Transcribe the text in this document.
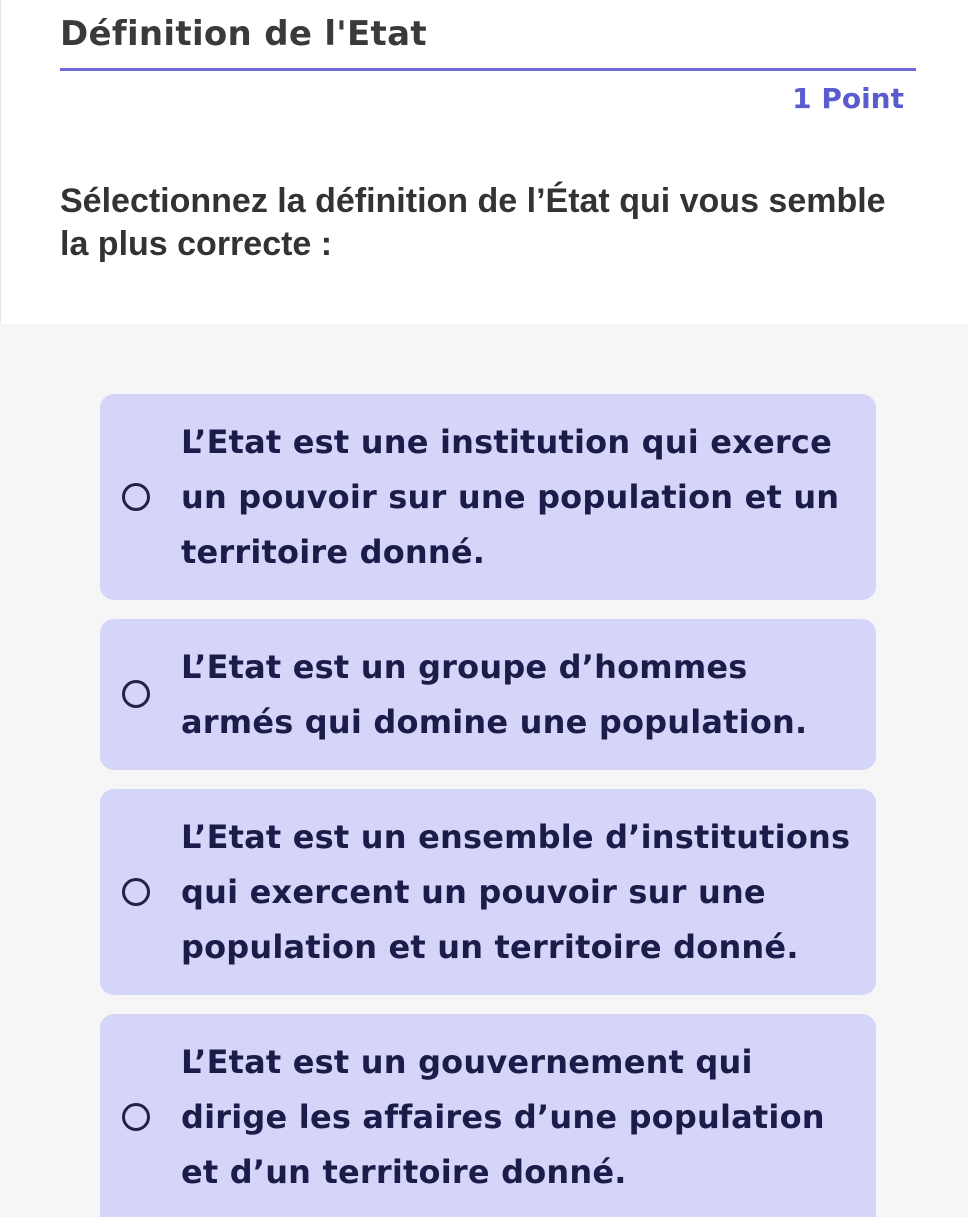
Définition de l'Etat
1 Point

Sélectionnez la définition de l’État qui vous semble la plus correcte :

L’Etat est une institution qui exerce un pouvoir sur une population et un territoire donné.
L’Etat est un groupe d’hommes armés qui domine une population.
L’Etat est un ensemble d’institutions qui exercent un pouvoir sur une population et un territoire donné.
L’Etat est un gouvernement qui dirige les affaires d’une population et d’un territoire donné.
